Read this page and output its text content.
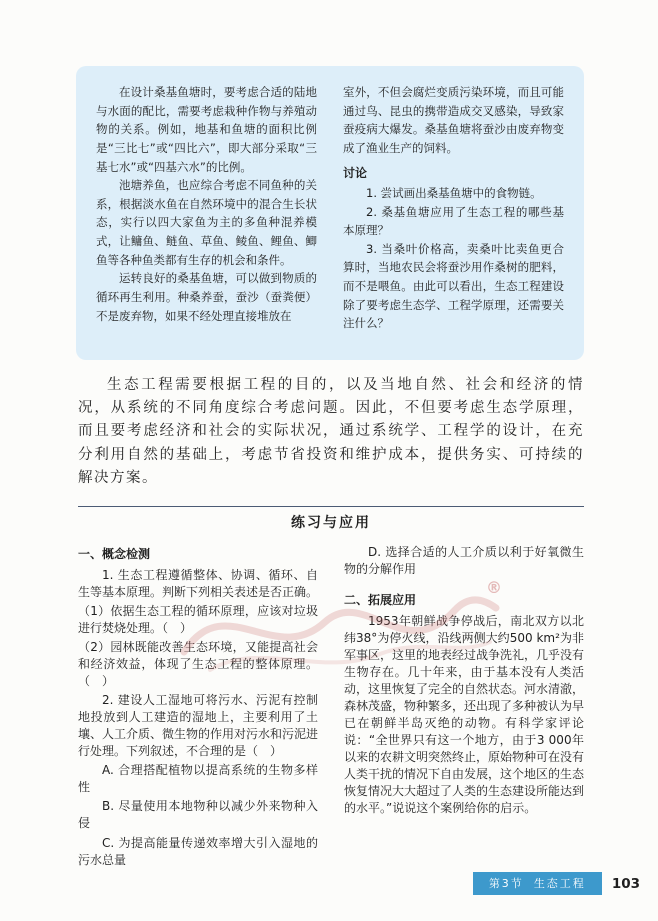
在设计桑基鱼塘时，要考虑合适的陆地与水面的配比，需要考虑栽种作物与养殖动物的关系。例如，地基和鱼塘的面积比例是“三比七”或“四比六”，即大部分采取“三基七水”或“四基六水”的比例。

池塘养鱼，也应综合考虑不同鱼种的关系，根据淡水鱼在自然环境中的混合生长状态，实行以四大家鱼为主的多鱼种混养模式，让鳙鱼、鲢鱼、草鱼、鲮鱼、鲤鱼、鲫鱼等各种鱼类都有生存的机会和条件。

运转良好的桑基鱼塘，可以做到物质的循环再生利用。种桑养蚕，蚕沙（蚕粪便）不是废弃物，如果不经处理直接堆放在

室外，不但会腐烂变质污染环境，而且可能通过鸟、昆虫的携带造成交叉感染，导致家蚕疫病大爆发。桑基鱼塘将蚕沙由废弃物变成了渔业生产的饲料。

讨论

1. 尝试画出桑基鱼塘中的食物链。

2. 桑基鱼塘应用了生态工程的哪些基本原理？

3. 当桑叶价格高，卖桑叶比卖鱼更合算时，当地农民会将蚕沙用作桑树的肥料，而不是喂鱼。由此可以看出，生态工程建设除了要考虑生态学、工程学原理，还需要关注什么？

生态工程需要根据工程的目的，以及当地自然、社会和经济的情况，从系统的不同角度综合考虑问题。因此，不但要考虑生态学原理，而且要考虑经济和社会的实际状况，通过系统学、工程学的设计，在充分利用自然的基础上，考虑节省投资和维护成本，提供务实、可持续的解决方案。

练习与应用
一、概念检测

1. 生态工程遵循整体、协调、循环、自生等基本原理。判断下列相关表述是否正确。

（1）依据生态工程的循环原理，应该对垃圾进行焚烧处理。（　）

（2）园林既能改善生态环境，又能提高社会和经济效益，体现了生态工程的整体原理。（　）

2. 建设人工湿地可将污水、污泥有控制地投放到人工建造的湿地上，主要利用了土壤、人工介质、微生物的作用对污水和污泥进行处理。下列叙述，不合理的是（　）

A. 合理搭配植物以提高系统的生物多样性

B. 尽量使用本地物种以减少外来物种入侵

C. 为提高能量传递效率增大引入湿地的污水总量

D. 选择合适的人工介质以利于好氧微生物的分解作用

二、拓展应用

1953年朝鲜战争停战后，南北双方以北纬38°为停火线，沿线两侧大约500 km²为非军事区，这里的地表经过战争洗礼，几乎没有生物存在。几十年来，由于基本没有人类活动，这里恢复了完全的自然状态。河水清澈，森林茂盛，物种繁多，还出现了多种被认为早已在朝鲜半岛灭绝的动物。有科学家评论说：“全世界只有这一个地方，由于3 000年以来的农耕文明突然终止，原始物种可在没有人类干扰的情况下自由发展，这个地区的生态恢复情况大大超过了人类的生态建设所能达到的水平。”说说这个案例给你的启示。

®
第3节 生态工程 103
